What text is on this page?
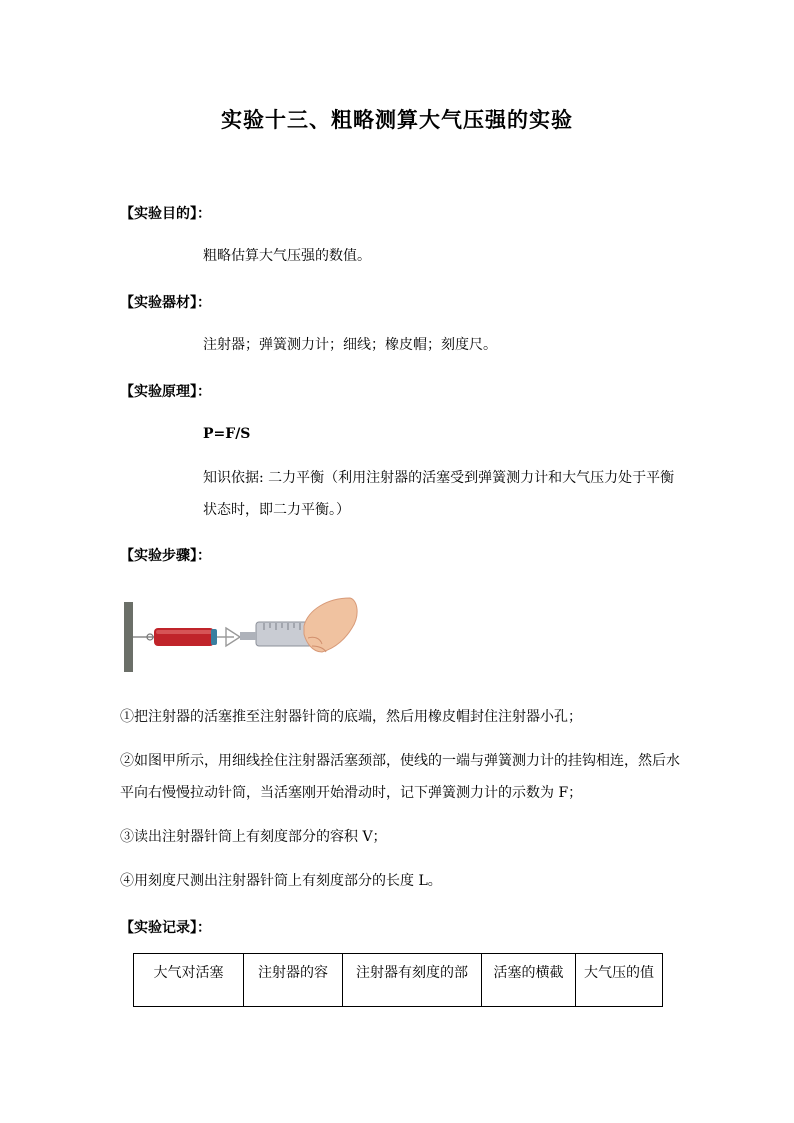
实验十三、粗略测算大气压强的实验
【实验目的】：
粗略估算大气压强的数值。
【实验器材】：
注射器；弹簧测力计；细线；橡皮帽；刻度尺。
【实验原理】：
P=F/S
知识依据: 二力平衡（利用注射器的活塞受到弹簧测力计和大气压力处于平衡
状态时，即二力平衡。）
【实验步骤】：
①把注射器的活塞推至注射器针筒的底端，然后用橡皮帽封住注射器小孔；
②如图甲所示，用细线拴住注射器活塞颈部，使线的一端与弹簧测力计的挂钩相连，然后水
平向右慢慢拉动针筒，当活塞刚开始滑动时，记下弹簧测力计的示数为 F；
③读出注射器针筒上有刻度部分的容积 V；
④用刻度尺测出注射器针筒上有刻度部分的长度 L。
【实验记录】：
大气对活塞	注射器的容	注射器有刻度的部	活塞的横截	大气压的值
